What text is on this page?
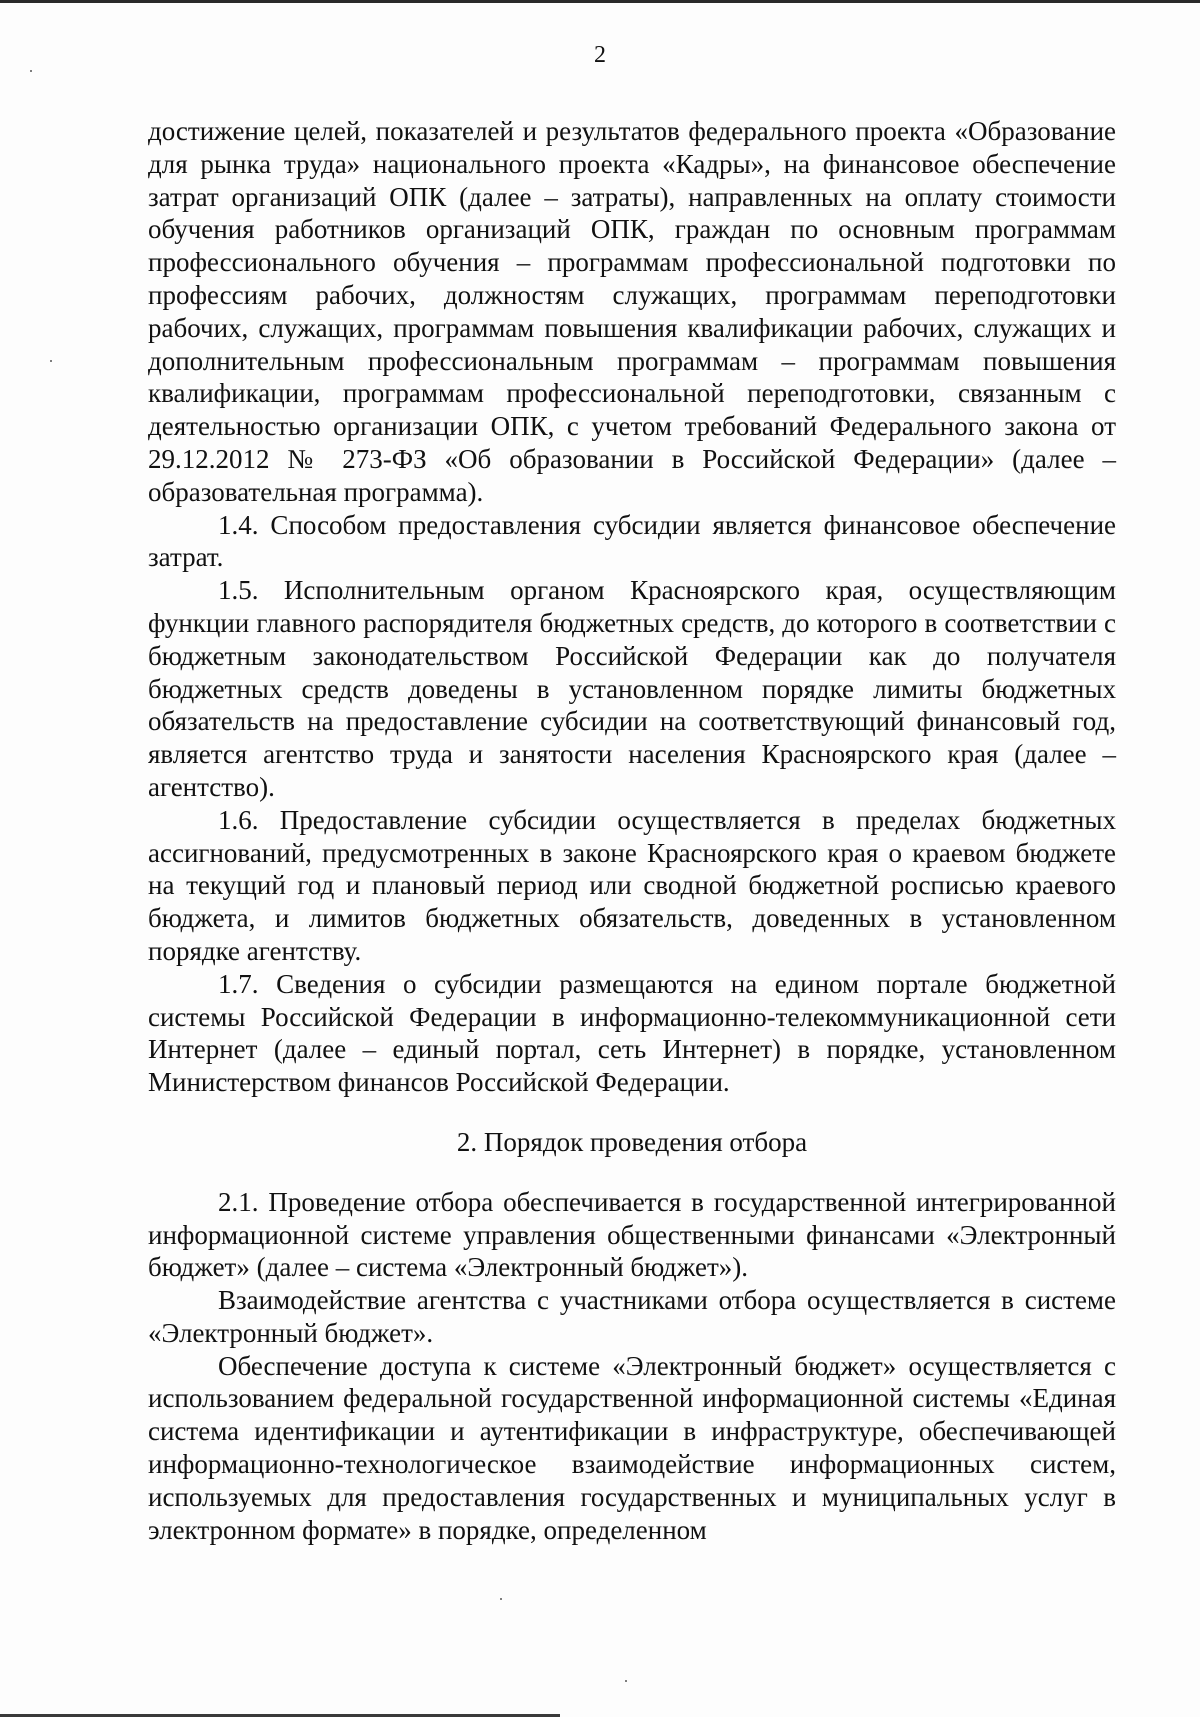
2

достижение целей, показателей и результатов федерального проекта «Образование для рынка труда» национального проекта «Кадры», на финансовое обеспечение затрат организаций ОПК (далее – затраты), направленных на оплату стоимости обучения работников организаций ОПК, граждан по основным программам профессионального обучения – программам профессиональной подготовки по профессиям рабочих, должностям служащих, программам переподготовки рабочих, служащих, программам повышения квалификации рабочих, служащих и дополнительным профессиональным программам – программам повышения квалификации, программам профессиональной переподготовки, связанным с деятельностью организации ОПК, с учетом требований Федерального закона от 29.12.2012 № 273-ФЗ «Об образовании в Российской Федерации» (далее – образовательная программа).

1.4. Способом предоставления субсидии является финансовое обеспечение затрат.

1.5. Исполнительным органом Красноярского края, осуществляющим функции главного распорядителя бюджетных средств, до которого в соответствии с бюджетным законодательством Российской Федерации как до получателя бюджетных средств доведены в установленном порядке лимиты бюджетных обязательств на предоставление субсидии на соответствующий финансовый год, является агентство труда и занятости населения Красноярского края (далее – агентство).

1.6. Предоставление субсидии осуществляется в пределах бюджетных ассигнований, предусмотренных в законе Красноярского края о краевом бюджете на текущий год и плановый период или сводной бюджетной росписью краевого бюджета, и лимитов бюджетных обязательств, доведенных в установленном порядке агентству.

1.7. Сведения о субсидии размещаются на едином портале бюджетной системы Российской Федерации в информационно-телекоммуникационной сети Интернет (далее – единый портал, сеть Интернет) в порядке, установленном Министерством финансов Российской Федерации.

2. Порядок проведения отбора

2.1. Проведение отбора обеспечивается в государственной интегрированной информационной системе управления общественными финансами «Электронный бюджет» (далее – система «Электронный бюджет»).

Взаимодействие агентства с участниками отбора осуществляется в системе «Электронный бюджет».

Обеспечение доступа к системе «Электронный бюджет» осуществляется с использованием федеральной государственной информационной системы «Единая система идентификации и аутентификации в инфраструктуре, обеспечивающей информационно-технологическое взаимодействие информационных систем, используемых для предоставления государственных и муниципальных услуг в электронном формате» в порядке, определенном
